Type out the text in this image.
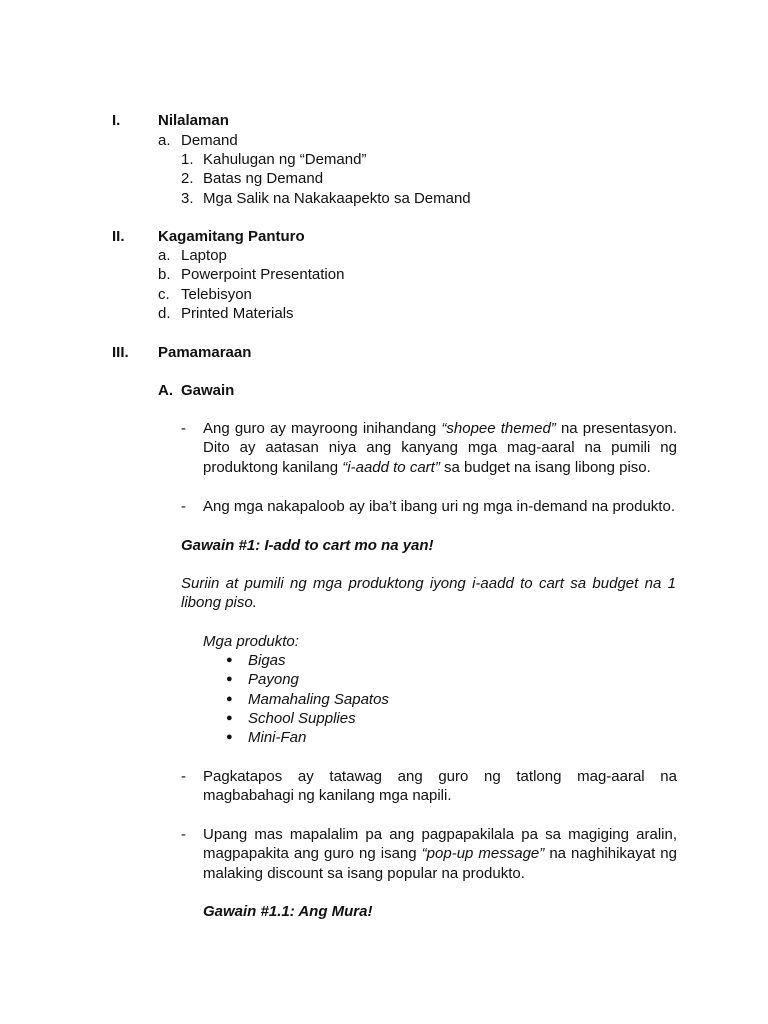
I.	Nilalaman
a. Demand
1. Kahulugan ng “Demand”
2. Batas ng Demand
3. Mga Salik na Nakakaapekto sa Demand
II. Kagamitang Panturo
a. Laptop
b. Powerpoint Presentation
c. Telebisyon
d. Printed Materials
III. Pamamaraan
A. Gawain
- Ang guro ay mayroong inihandang “shopee themed” na presentasyon. Dito ay aatasan niya ang kanyang mga mag-aaral na pumili ng produktong kanilang “i-aadd to cart” sa budget na isang libong piso.
- Ang mga nakapaloob ay iba’t ibang uri ng mga in-demand na produkto.
Gawain #1: I-add to cart mo na yan!
Suriin at pumili ng mga produktong iyong i-aadd to cart sa budget na 1 libong piso.
Mga produkto:
● Bigas
● Payong
● Mamahaling Sapatos
● School Supplies
● Mini-Fan
- Pagkatapos ay tatawag ang guro ng tatlong mag-aaral na magbabahagi ng kanilang mga napili.
- Upang mas mapalalim pa ang pagpapakilala pa sa magiging aralin, magpapakita ang guro ng isang “pop-up message” na naghihikayat ng malaking discount sa isang popular na produkto.
Gawain #1.1: Ang Mura!
